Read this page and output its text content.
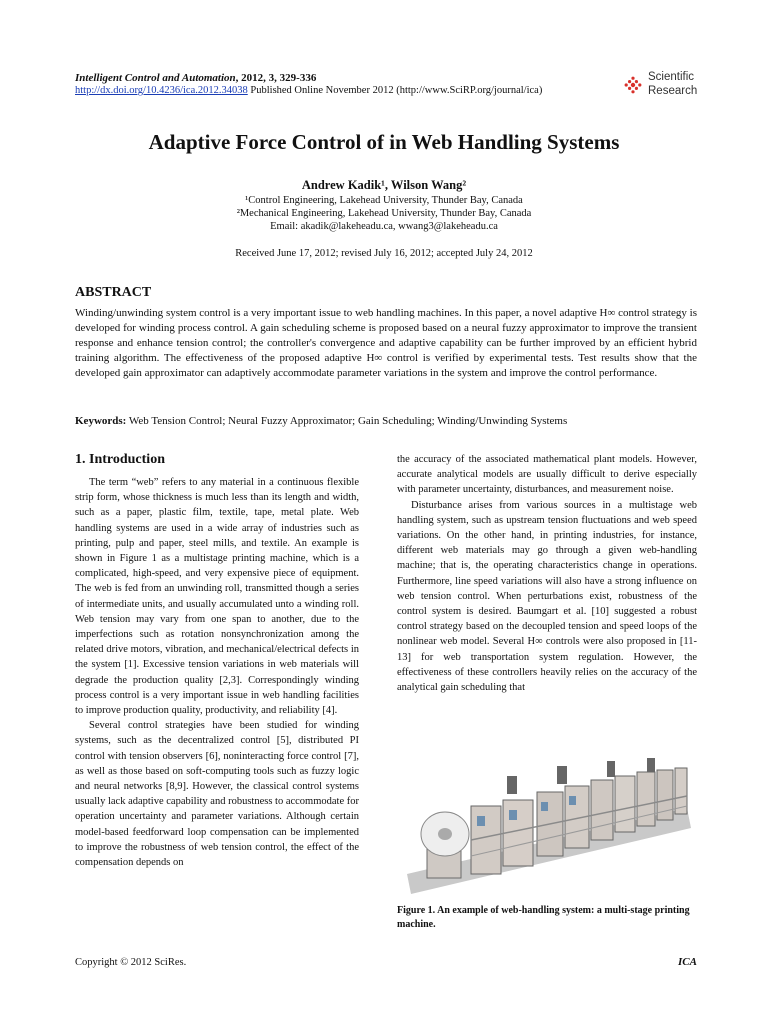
Intelligent Control and Automation, 2012, 3, 329-336
http://dx.doi.org/10.4236/ica.2012.34038 Published Online November 2012 (http://www.SciRP.org/journal/ica)
Scientific
Research
Adaptive Force Control of in Web Handling Systems
Andrew Kadik¹, Wilson Wang²
¹Control Engineering, Lakehead University, Thunder Bay, Canada
²Mechanical Engineering, Lakehead University, Thunder Bay, Canada
Email: akadik@lakeheadu.ca, wwang3@lakeheadu.ca
Received June 17, 2012; revised July 16, 2012; accepted July 24, 2012
ABSTRACT
Winding/unwinding system control is a very important issue to web handling machines. In this paper, a novel adaptive H∞ control strategy is developed for winding process control. A gain scheduling scheme is proposed based on a neural fuzzy approximator to improve the transient response and enhance tension control; the controller's convergence and adaptive capability can be further improved by an efficient hybrid training algorithm. The effectiveness of the proposed adaptive H∞ control is verified by experimental tests. Test results show that the developed gain approximator can adaptively accommodate parameter variations in the system and improve the control performance.
Keywords: Web Tension Control; Neural Fuzzy Approximator; Gain Scheduling; Winding/Unwinding Systems
1. Introduction

The term “web” refers to any material in a continuous flexible strip form, whose thickness is much less than its length and width, such as a paper, plastic film, textile, tape, metal plate. Web handling systems are used in a wide array of industries such as printing, pulp and paper, steel mills, and textile. An example is shown in Figure 1 as a multistage printing machine, which is a complicated, high-speed, and very expensive piece of equipment. The web is fed from an unwinding roll, transmitted though a series of intermediate units, and usually accumulated unto a winding roll. Web tension may vary from one span to another, due to the imperfections such as rotation nonsynchronization among the related drive motors, vibration, and mechanical/electrical defects in the system [1]. Excessive tension variations in web materials will degrade the production quality [2,3]. Correspondingly winding process control is a very important issue in web handling facilities to improve production quality, productivity, and reliability [4].

Several control strategies have been studied for winding systems, such as the decentralized control [5], distributed PI control with tension observers [6], noninteracting force control [7], as well as those based on soft-computing tools such as fuzzy logic and neural networks [8,9]. However, the classical control systems usually lack adaptive capability and robustness to accommodate for operation uncertainty and parameter variations. Although certain model-based feedforward loop compensation can be implemented to improve the robustness of web tension control, the effect of the compensation depends on

the accuracy of the associated mathematical plant models. However, accurate analytical models are usually difficult to derive especially with parameter uncertainty, disturbances, and measurement noise.

Disturbance arises from various sources in a multistage web handling system, such as upstream tension fluctuations and web speed variations. On the other hand, in printing industries, for instance, different web materials may go through a given web-handling machine; that is, the operating characteristics change in operations. Furthermore, line speed variations will also have a strong influence on web tension control. When perturbations exist, robustness of the control system is desired. Baumgart et al. [10] suggested a robust control strategy based on the decoupled tension and speed loops of the nonlinear web model. Several H∞ controls were also proposed in [11-13] for web transportation system regulation. However, the effectiveness of these controllers heavily relies on the accuracy of the analytical gain scheduling that

Figure 1. An example of web-handling system: a multi-stage printing machine.
Copyright © 2012 SciRes.	ICA
